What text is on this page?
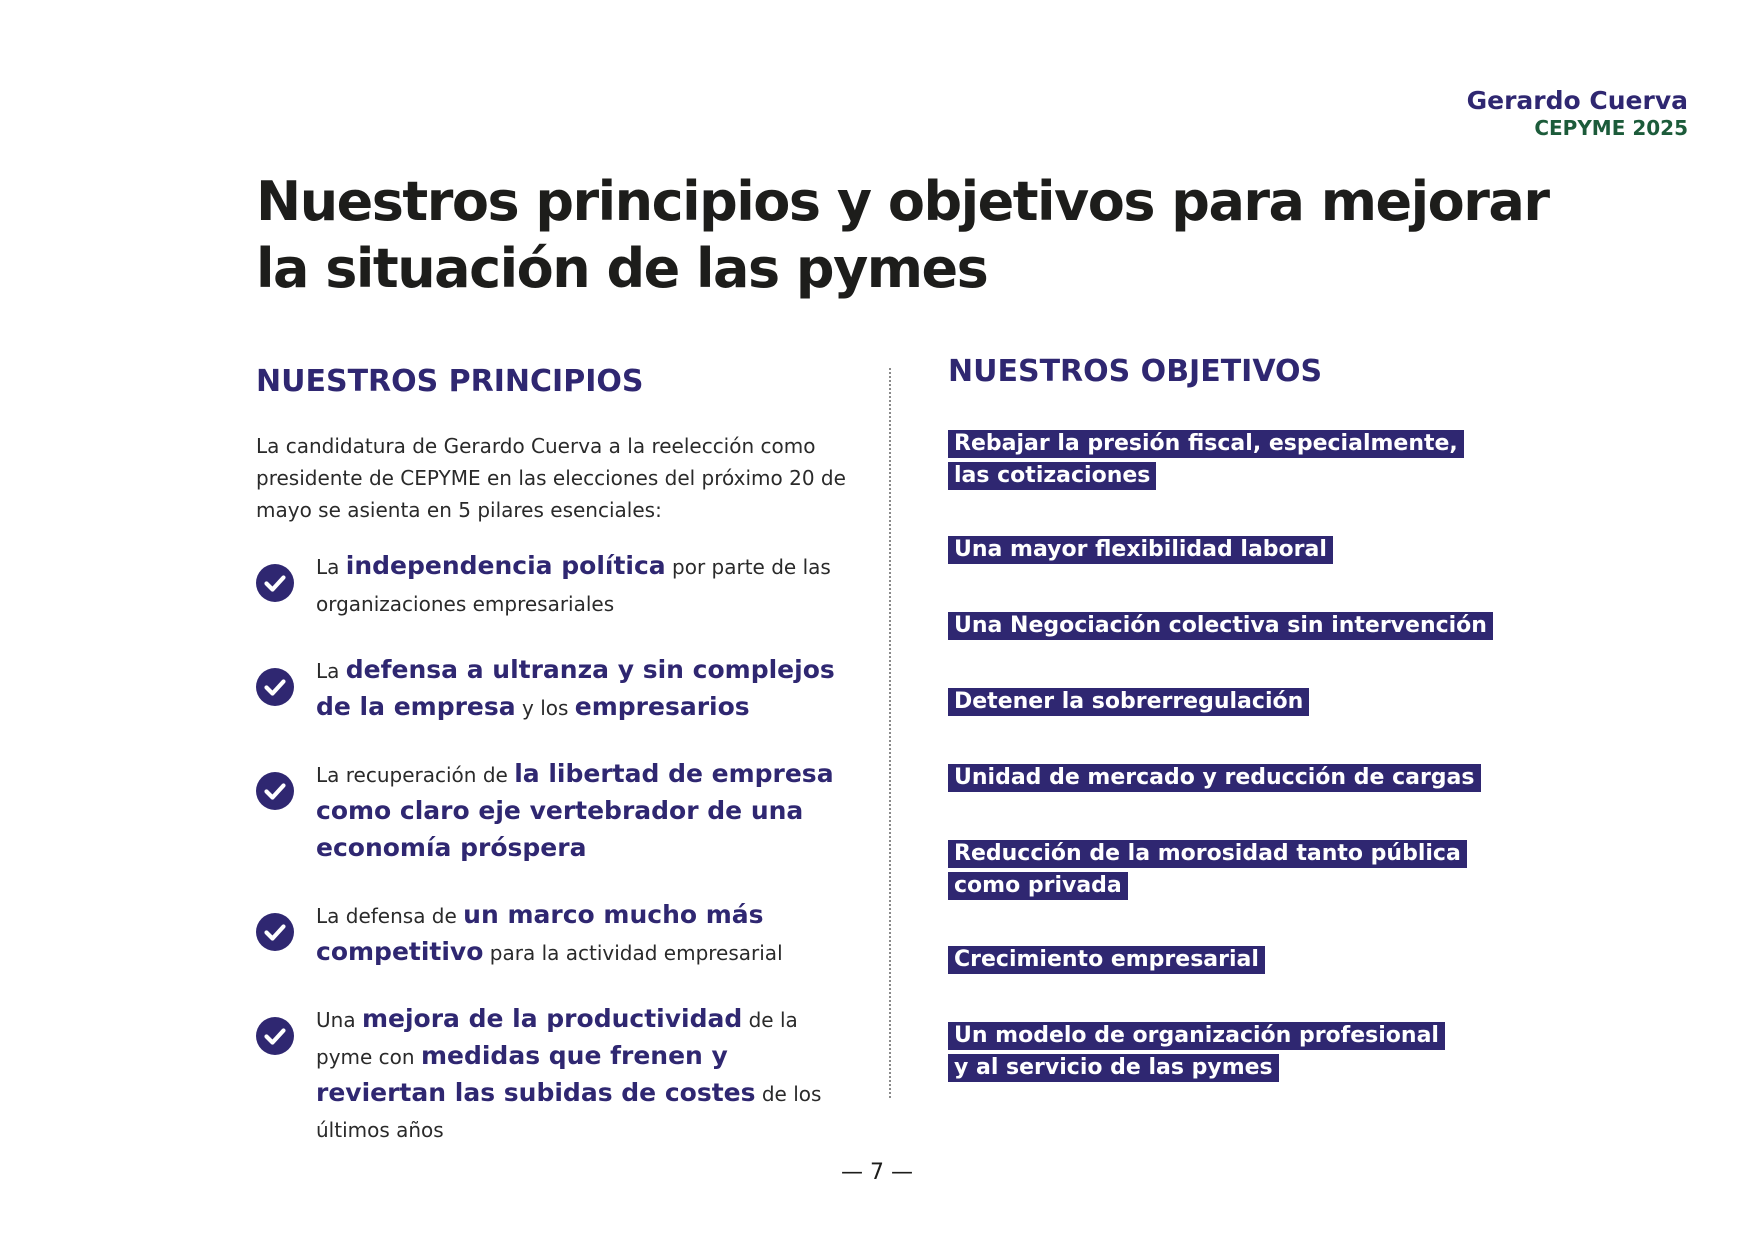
Gerardo Cuerva
CEPYME 2025
Nuestros principios y objetivos para mejorar
la situación de las pymes
NUESTROS PRINCIPIOS

La candidatura de Gerardo Cuerva a la reelección como presidente de CEPYME en las elecciones del próximo 20 de mayo se asienta en 5 pilares esenciales:

La independencia política por parte de las organizaciones empresariales
La defensa a ultranza y sin complejos de la empresa y los empresarios
La recuperación de la libertad de empresa como claro eje vertebrador de una economía próspera
La defensa de un marco mucho más competitivo para la actividad empresarial
Una mejora de la productividad de la pyme con medidas que frenen y reviertan las subidas de costes de los últimos años
NUESTROS OBJETIVOS
Rebajar la presión fiscal, especialmente,
las cotizaciones
Una mayor flexibilidad laboral
Una Negociación colectiva sin intervención
Detener la sobrerregulación
Unidad de mercado y reducción de cargas
Reducción de la morosidad tanto pública
como privada
Crecimiento empresarial
Un modelo de organización profesional
y al servicio de las pymes
— 7 —
